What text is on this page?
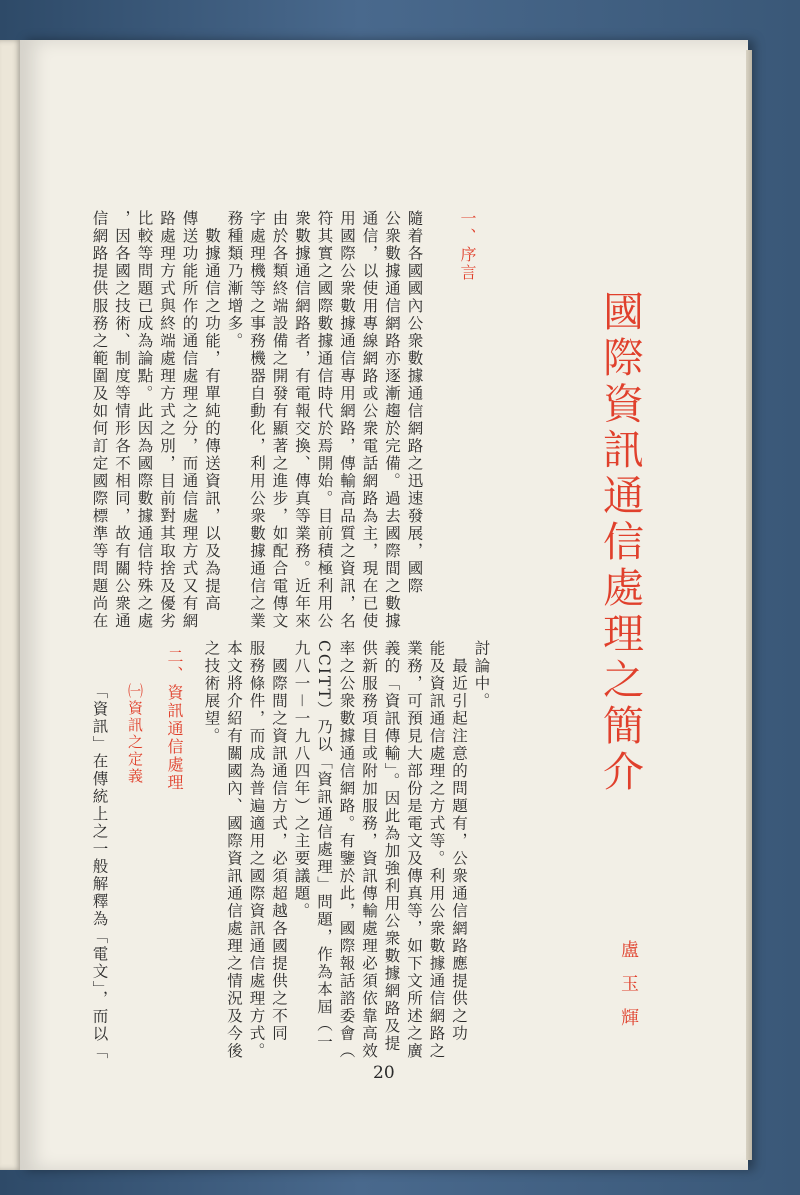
國際資訊通信處理之簡介
盧玉輝
一、序言
隨着各國國內公衆數據通信網路之迅速發展，國際
公衆數據通信網路亦逐漸趨於完備。過去國際間之數據
通信，以使用專線網路或公衆電話網路為主，現在已使
用國際公衆數據通信專用網路，傳輸高品質之資訊，名
符其實之國際數據通信時代於焉開始。目前積極利用公
衆數據通信網路者，有電報交換、傳真等業務。近年來
由於各類終端設備之開發有顯著之進步，如配合電傳文
字處理機等之事務機器自動化，利用公衆數據通信之業
務種類乃漸增多。
　數據通信之功能，有單純的傳送資訊，以及為提高
傳送功能所作的通信處理之分，而通信處理方式又有網
路處理方式與終端處理方式之別，目前對其取捨及優劣
比較等問題已成為論點。此因為國際數據通信特殊之處
，因各國之技術、制度等情形各不相同，故有關公衆通
信網路提供服務之範圍及如何訂定國際標準等問題尚在
討論中。
　最近引起注意的問題有，公衆通信網路應提供之功
能及資訊通信處理之方式等。利用公衆數據通信網路之
業務，可預見大部份是電文及傳真等，如下文所述之廣
義的「資訊傳輸」。因此為加強利用公衆數據網路及提
供新服務項目或附加服務，資訊傳輸處理必須依靠高效
率之公衆數據通信網路。有鑒於此，國際報話諮委會（
CCITT）乃以「資訊通信處理」問題，作為本屆（一
九八一－一九八四年）之主要議題。
　國際間之資訊通信方式，必須超越各國提供之不同
服務條件，而成為普遍適用之國際資訊通信處理方式。
本文將介紹有關國內、國際資訊通信處理之情況及今後
之技術展望。
二、資訊通信處理
㈠資訊之定義
「資訊」在傳統上之一般解釋為「電文」，而以「
20
